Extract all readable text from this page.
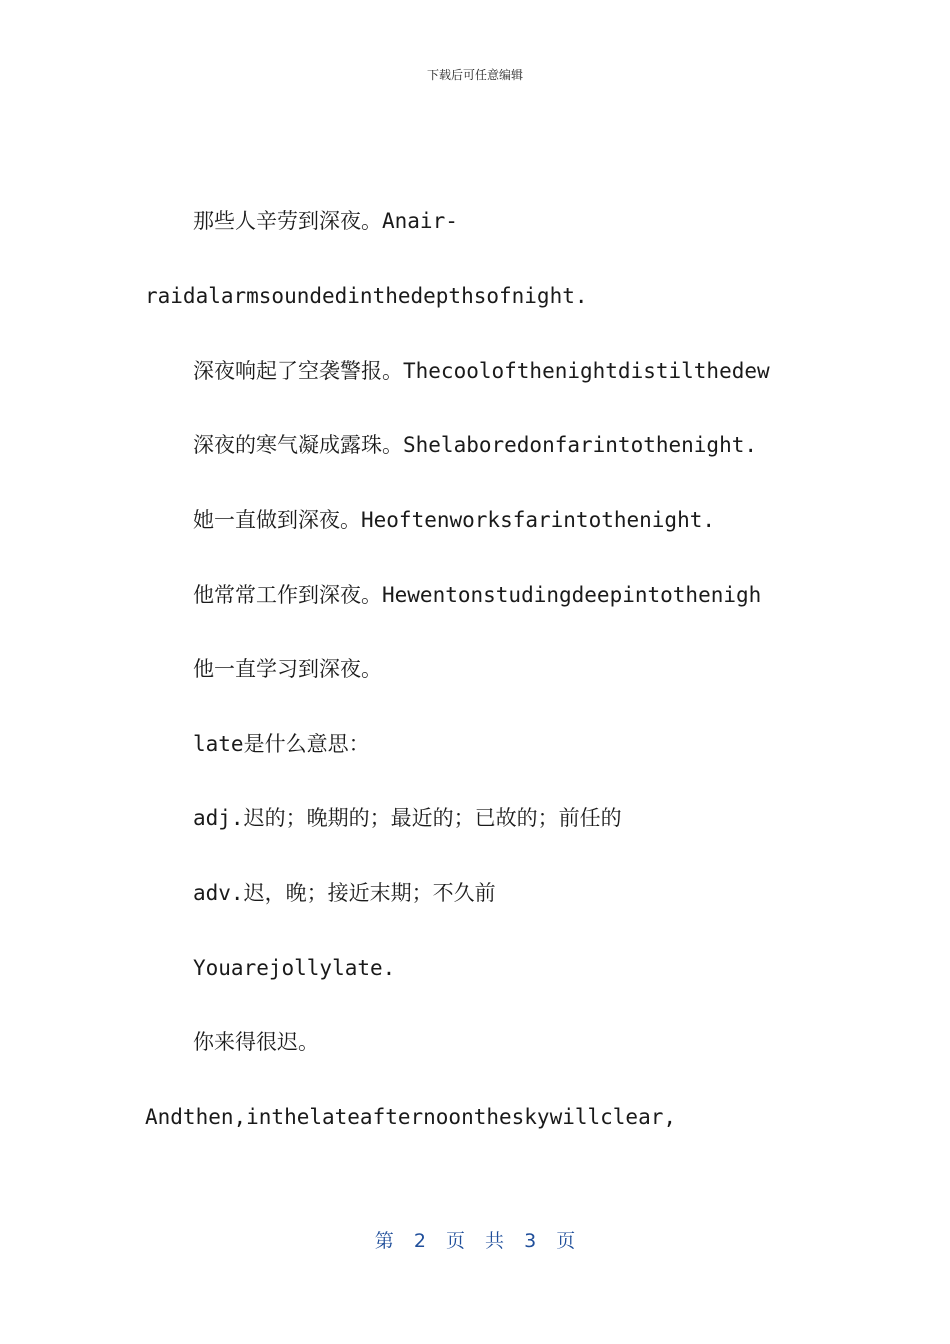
下载后可任意编辑
那些人辛劳到深夜。Anair-
raidalarmsoundedinthedepthsofnight.
深夜响起了空袭警报。Thecoolofthenightdistilthedew
深夜的寒气凝成露珠。Shelaboredonfarintothenight.
她一直做到深夜。Heoftenworksfarintothenight.
他常常工作到深夜。Hewentonstudingdeepintothenigh
他一直学习到深夜。
late是什么意思：
adj.迟的；晚期的；最近的；已故的；前任的
adv.迟，晚；接近末期；不久前
Youarejollylate.
你来得很迟。
Andthen,inthelateafternoontheskywillclear,
第 2 页 共 3 页
